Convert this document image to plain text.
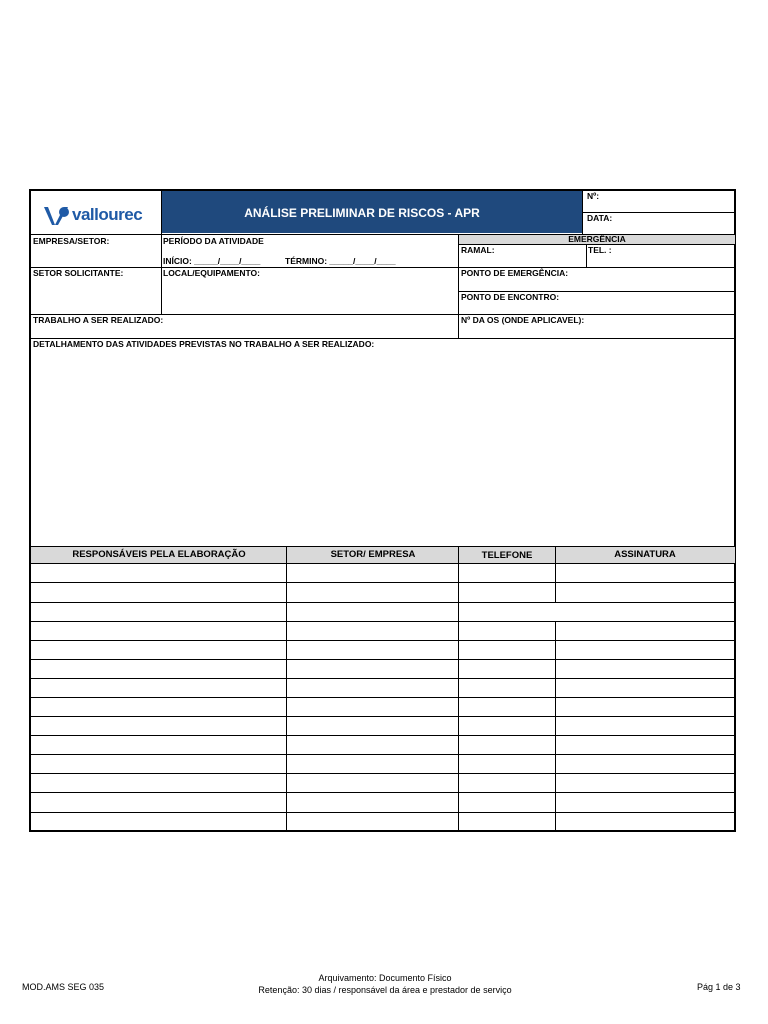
vallourec	ANÁLISE PRELIMINAR DE RISCOS - APR
Nº:
DATA:
EMERGÊNCIA
EMPRESA/SETOR:	PERÍODO DA ATIVIDADE
INÍCIO: _____/____/____	TÉRMINO: _____/____/____
RAMAL:	TEL. :
SETOR SOLICITANTE:	LOCAL/EQUIPAMENTO:	PONTO DE EMERGÊNCIA:
PONTO DE ENCONTRO:
TRABALHO A SER REALIZADO:	Nº DA OS (ONDE APLICAVEL):
DETALHAMENTO DAS ATIVIDADES PREVISTAS NO TRABALHO A SER REALIZADO:
RESPONSÁVEIS PELA ELABORAÇÃO	SETOR/ EMPRESA	TELEFONE	ASSINATURA
MOD.AMS SEG 035
Arquivamento: Documento Físico
Retenção: 30 dias / responsável da área e prestador de serviço	Pág 1 de 3
